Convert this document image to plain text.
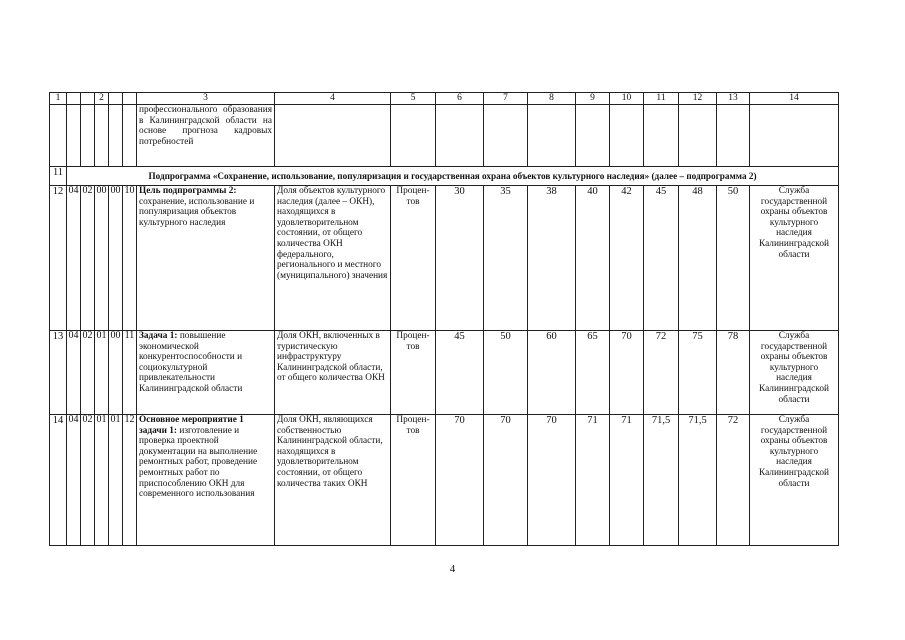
1			2			3	4	5	6	7	8	9	10	11	12	13	14
						профессионального образования в Калининградской области на основе прогноза кадровых потребностей											
11	Подпрограмма «Сохранение, использование, популяризация и государственная охрана объектов культурного наследия» (далее – подпрограмма 2)																
12	04	02	00	00	10	Цель подпрограммы 2: сохранение, использование и популяризация объектов культурного наследия	Доля объектов культурного наследия (далее – ОКН), находящихся в удовлетворительном состоянии, от общего количества ОКН федерального, регионального и местного (муниципального) значения	Процен-тов	30	35	38	40	42	45	48	50	Служба государственной охраны объектов культурного наследия Калининградской области
13	04	02	01	00	11	Задача 1: повышение экономической конкурентоспособности и социокультурной привлекательности Калининградской области	Доля ОКН, включенных в туристическую инфраструктуру Калининградской области, от общего количества ОКН	Процен-тов	45	50	60	65	70	72	75	78	Служба государственной охраны объектов культурного наследия Калининградской области
14	04	02	01	01	12	Основное мероприятие 1 задачи 1: изготовление и проверка проектной документации на выполнение ремонтных работ, проведение ремонтных работ по приспособлению ОКН для современного использования	Доля ОКН, являющихся собственностью Калининградской области, находящихся в удовлетворительном состоянии, от общего количества таких ОКН	Процен-тов	70	70	70	71	71	71,5	71,5	72	Служба государственной охраны объектов культурного наследия Калининградской области
4
